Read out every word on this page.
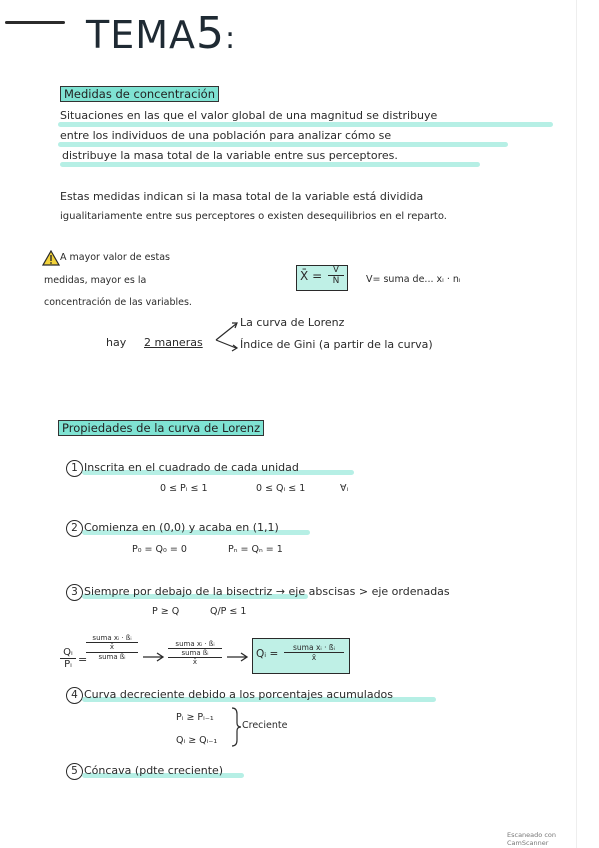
TEMA5:
Medidas de concentración
Situaciones en las que el valor global de una magnitud se distribuye
entre los individuos de una población para analizar cómo se
distribuye la masa total de la variable entre sus perceptores.
Estas medidas indican si la masa total de la variable está dividida
igualitariamente entre sus perceptores o existen desequilibrios en el reparto.
A mayor valor de estas
medidas, mayor es la
concentración de las variables.
X̄ = $\frac{V}{N} V=$ suma de... xᵢ · nᵢ
hay 2 maneras
La curva de Lorenz
Índice de Gini (a partir de la curva)
Propiedades de la curva de Lorenz
1 Inscrita en el cuadrado de cada unidad
0 ≤ Pᵢ ≤ 1	0 ≤ Qᵢ ≤ 1	∀ᵢ
2 Comienza en (0,0) y acaba en (1,1)
P₀ = Q₀ = 0	Pₙ = Qₙ = 1
3 Siempre por debajo de la bisectriz → eje abscisas > eje ordenadas
P ≥ Q	Q/P ≤ 1
$\frac{\text{Qᵢ}}{\text{Pᵢ}}$ =
suma xᵢ · ßᵢ
x̄
suma ßᵢ
suma xᵢ · ßᵢ
suma ßᵢ
x̄
Qᵢ =
suma xᵢ · ßᵢ
x̄
4 Curva decreciente debido a los porcentajes acumulados
Pᵢ ≥ Pᵢ₋₁
Qᵢ ≥ Qᵢ₋₁
Creciente
5 Cóncava (pdte creciente)
Escaneado con CamScanner
